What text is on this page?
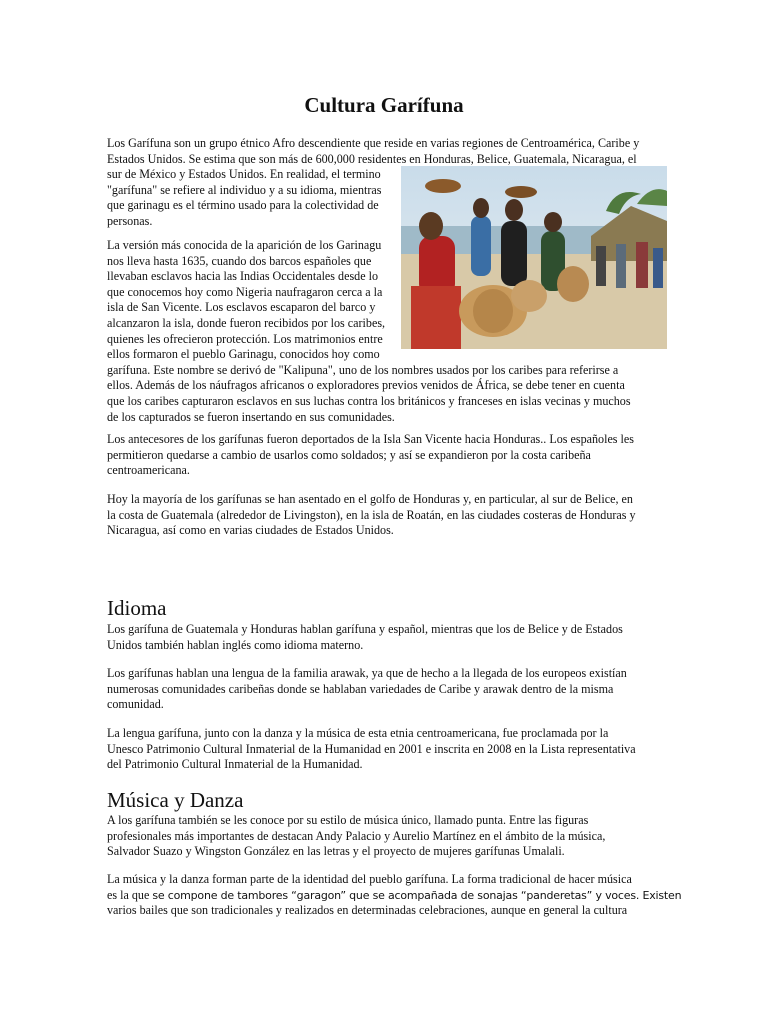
Cultura Garífuna
Los Garífuna son un grupo étnico Afro descendiente que reside en varias regiones de Centroamérica, Caribe y
Estados Unidos. Se estima que son más de 600,000 residentes en Honduras, Belice, Guatemala, Nicaragua, el
sur de México y Estados Unidos. En realidad, el termino
"garífuna" se refiere al individuo y a su idioma, mientras
que garinagu es el término usado para la colectividad de
personas.
La versión más conocida de la aparición de los Garinagu
nos lleva hasta 1635, cuando dos barcos españoles que
llevaban esclavos hacia las Indias Occidentales desde lo
que conocemos hoy como Nigeria naufragaron cerca a la
isla de San Vicente. Los esclavos escaparon del barco y
alcanzaron la isla, donde fueron recibidos por los caribes,
quienes les ofrecieron protección. Los matrimonios entre
ellos formaron el pueblo Garinagu, conocidos hoy como
garífuna. Este nombre se derivó de "Kalipuna", uno de los nombres usados por los caribes para referirse a
ellos. Además de los náufragos africanos o exploradores previos venidos de África, se debe tener en cuenta
que los caribes capturaron esclavos en sus luchas contra los británicos y franceses en islas vecinas y muchos
de los capturados se fueron insertando en sus comunidades.
Los antecesores de los garífunas fueron deportados de la Isla San Vicente hacia Honduras.. Los españoles les
permitieron quedarse a cambio de usarlos como soldados; y así se expandieron por la costa caribeña
centroamericana.
Hoy la mayoría de los garífunas se han asentado en el golfo de Honduras y, en particular, al sur de Belice, en
la costa de Guatemala (alrededor de Livingston), en la isla de Roatán, en las ciudades costeras de Honduras y
Nicaragua, así como en varias ciudades de Estados Unidos.
Idioma
Los garífuna de Guatemala y Honduras hablan garífuna y español, mientras que los de Belice y de Estados
Unidos también hablan inglés como idioma materno.
Los garífunas hablan una lengua de la familia arawak, ya que de hecho a la llegada de los europeos existían
numerosas comunidades caribeñas donde se hablaban variedades de Caribe y arawak dentro de la misma
comunidad.
La lengua garífuna, junto con la danza y la música de esta etnia centroamericana, fue proclamada por la
Unesco Patrimonio Cultural Inmaterial de la Humanidad en 2001 e inscrita en 2008 en la Lista representativa
del Patrimonio Cultural Inmaterial de la Humanidad.
Música y Danza
A los garífuna también se les conoce por su estilo de música único, llamado punta. Entre las figuras
profesionales más importantes de destacan Andy Palacio y Aurelio Martínez en el ámbito de la música,
Salvador Suazo y Wingston González en las letras y el proyecto de mujeres garífunas Umalali.
La música y la danza forman parte de la identidad del pueblo garífuna. La forma tradicional de hacer música
es la que se compone de tambores “garagon” que se acompañada de sonajas “panderetas” y voces. Existen
varios bailes que son tradicionales y realizados en determinadas celebraciones, aunque en general la cultura
